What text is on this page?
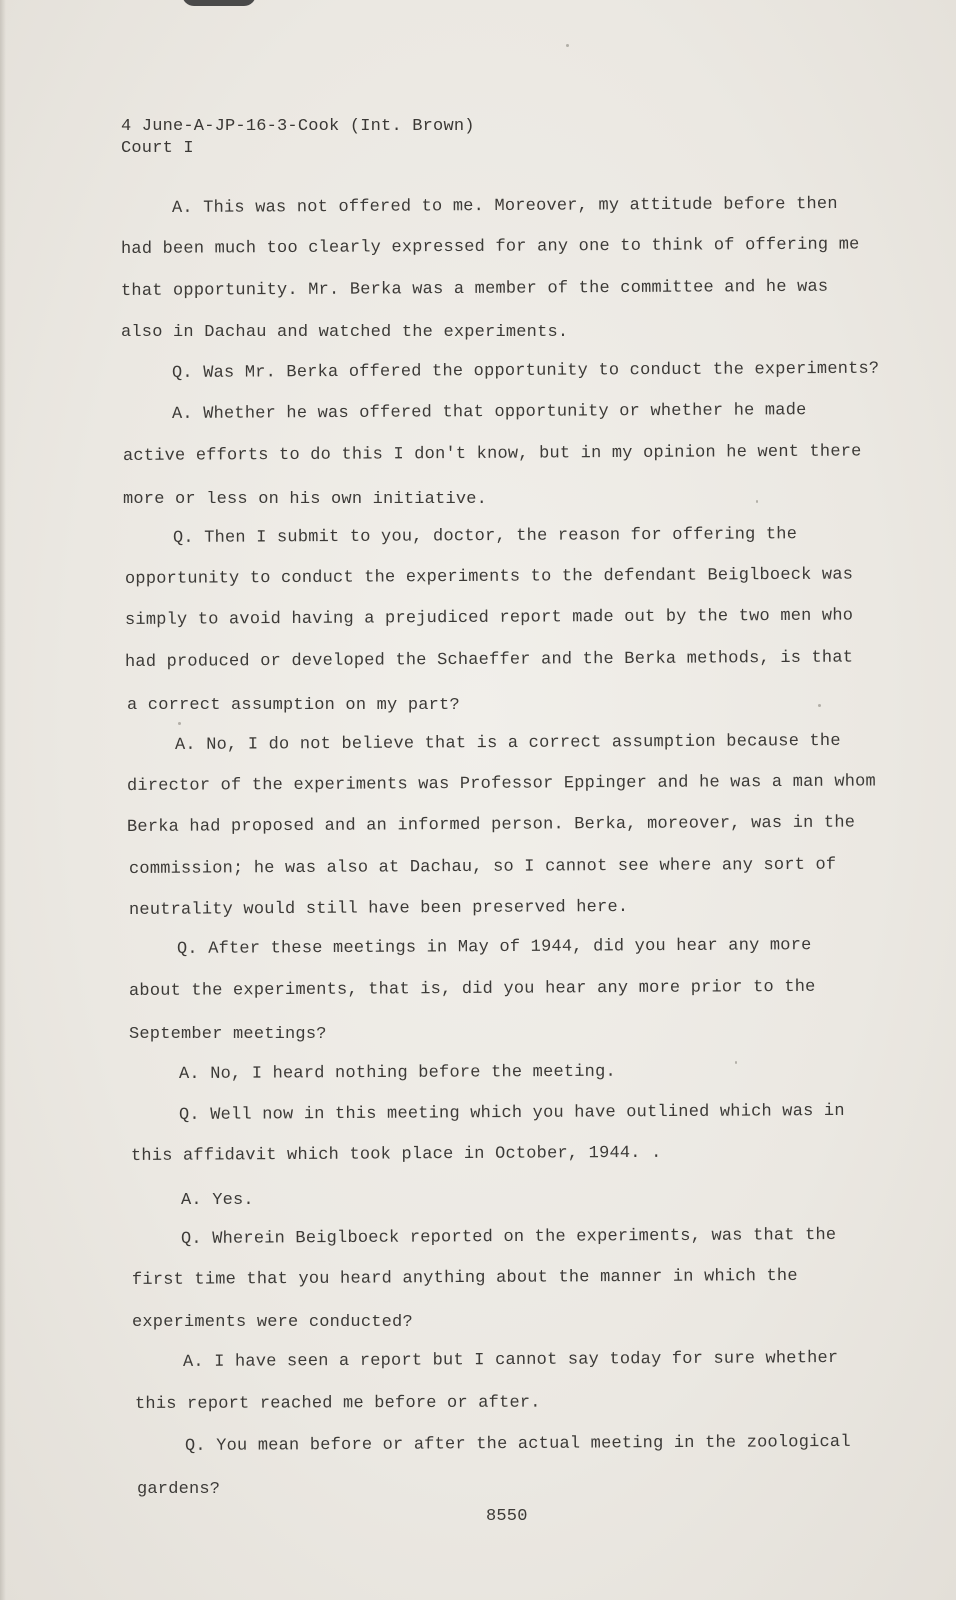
4 June-A-JP-16-3-Cook (Int. Brown)
Court I
A. This was not offered to me. Moreover, my attitude before then
had been much too clearly expressed for any one to think of offering me
that opportunity. Mr. Berka was a member of the committee and he was
also in Dachau and watched the experiments.
Q. Was Mr. Berka offered the opportunity to conduct the experiments?
A. Whether he was offered that opportunity or whether he made
active efforts to do this I don't know, but in my opinion he went there
more or less on his own initiative.
Q. Then I submit to you, doctor, the reason for offering the
opportunity to conduct the experiments to the defendant Beiglboeck was
simply to avoid having a prejudiced report made out by the two men who
had produced or developed the Schaeffer and the Berka methods, is that
a correct assumption on my part?
A. No, I do not believe that is a correct assumption because the
director of the experiments was Professor Eppinger and he was a man whom
Berka had proposed and an informed person. Berka, moreover, was in the
commission; he was also at Dachau, so I cannot see where any sort of
neutrality would still have been preserved here.
Q. After these meetings in May of 1944, did you hear any more
about the experiments, that is, did you hear any more prior to the
September meetings?
A. No, I heard nothing before the meeting.
Q. Well now in this meeting which you have outlined which was in
this affidavit which took place in October, 1944. .
A. Yes.
Q. Wherein Beiglboeck reported on the experiments, was that the
first time that you heard anything about the manner in which the
experiments were conducted?
A. I have seen a report but I cannot say today for sure whether
this report reached me before or after.
Q. You mean before or after the actual meeting in the zoological
gardens?
8550
